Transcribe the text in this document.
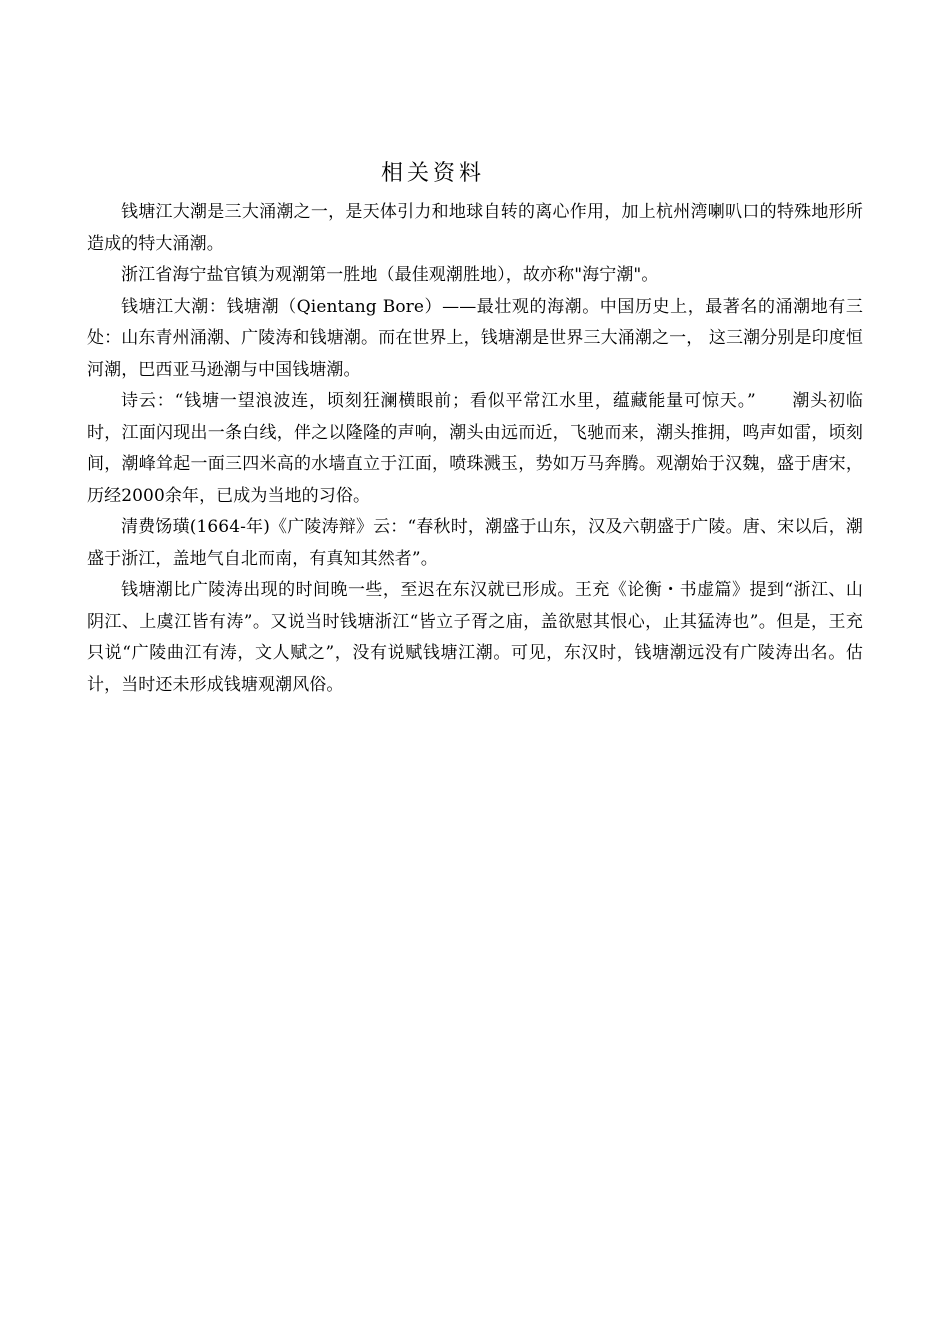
相关资料

钱塘江大潮是三大涌潮之一，是天体引力和地球自转的离心作用，加上杭州湾喇叭口的特殊地形所造成的特大涌潮。

浙江省海宁盐官镇为观潮第一胜地（最佳观潮胜地），故亦称"海宁潮"。

钱塘江大潮：钱塘潮（Qientang Bore）——最壮观的海潮。中国历史上，最著名的涌潮地有三处：山东青州涌潮、广陵涛和钱塘潮。而在世界上，钱塘潮是世界三大涌潮之一， 这三潮分别是印度恒河潮，巴西亚马逊潮与中国钱塘潮。

诗云：“钱塘一望浪波连，顷刻狂澜横眼前；看似平常江水里，蕴藏能量可惊天。”　　潮头初临时，江面闪现出一条白线，伴之以隆隆的声响，潮头由远而近，飞驰而来，潮头推拥，鸣声如雷，顷刻间，潮峰耸起一面三四米高的水墙直立于江面，喷珠溅玉，势如万马奔腾。观潮始于汉魏，盛于唐宋，历经2000余年，已成为当地的习俗。

清费饧璜(1664-年)《广陵涛辩》云：“春秋时，潮盛于山东，汉及六朝盛于广陵。唐、宋以后，潮盛于浙江，盖地气自北而南，有真知其然者”。

钱塘潮比广陵涛出现的时间晚一些，至迟在东汉就已形成。王充《论衡・书虚篇》提到“浙江、山阴江、上虞江皆有涛”。又说当时钱塘浙江“皆立子胥之庙，盖欲慰其恨心，止其猛涛也”。但是，王充只说“广陵曲江有涛，文人赋之”，没有说赋钱塘江潮。可见，东汉时，钱塘潮远没有广陵涛出名。估计，当时还未形成钱塘观潮风俗。
